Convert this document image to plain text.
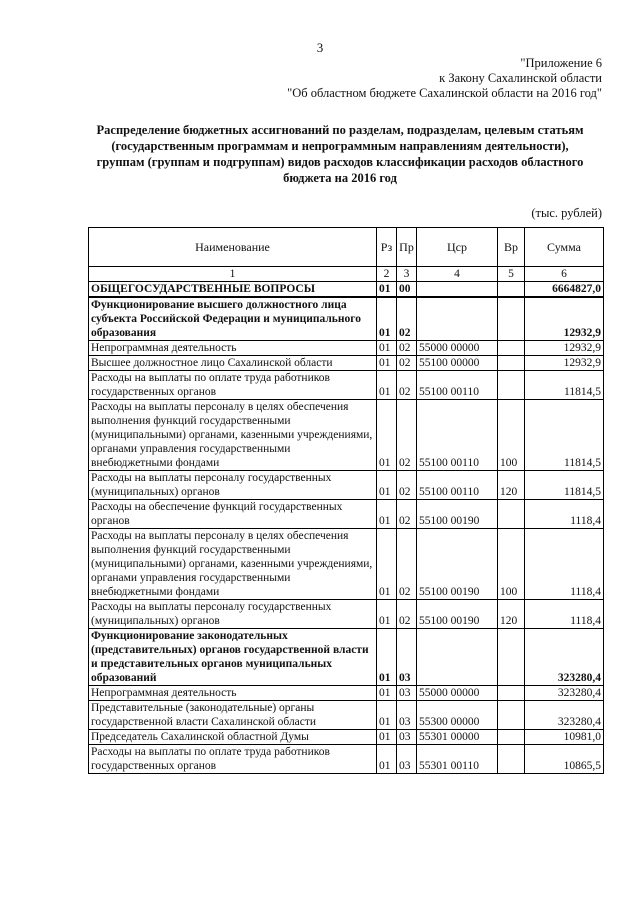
3
"Приложение 6
к Закону Сахалинской области
"Об областном бюджете Сахалинской области на 2016 год"
Распределение бюджетных ассигнований по разделам, подразделам, целевым статьям (государственным программам и непрограммным направлениям деятельности), группам (группам и подгруппам) видов расходов классификации расходов областного бюджета на 2016 год
(тыс. рублей)
Наименование	Рз	Пр	Цср	Вр	Сумма
1	2	3	4	5	6
ОБЩЕГОСУДАРСТВЕННЫЕ ВОПРОСЫ	01	00			6664827,0
Функционирование высшего должностного лица субъекта Российской Федерации и муниципального образования	01	02			12932,9
Непрограммная деятельность	01	02	55000 00000		12932,9
Высшее должностное лицо Сахалинской области	01	02	55100 00000		12932,9
Расходы на выплаты по оплате труда работников государственных органов	01	02	55100 00110		11814,5
Расходы на выплаты персоналу в целях обеспечения выполнения функций государственными (муниципальными) органами, казенными учреждениями, органами управления государственными внебюджетными фондами	01	02	55100 00110	100	11814,5
Расходы на выплаты персоналу государственных (муниципальных) органов	01	02	55100 00110	120	11814,5
Расходы на обеспечение функций государственных органов	01	02	55100 00190		1118,4
Расходы на выплаты персоналу в целях обеспечения выполнения функций государственными (муниципальными) органами, казенными учреждениями, органами управления государственными внебюджетными фондами	01	02	55100 00190	100	1118,4
Расходы на выплаты персоналу государственных (муниципальных) органов	01	02	55100 00190	120	1118,4
Функционирование законодательных (представительных) органов государственной власти и представительных органов муниципальных образований	01	03			323280,4
Непрограммная деятельность	01	03	55000 00000		323280,4
Представительные (законодательные) органы государственной власти Сахалинской области	01	03	55300 00000		323280,4
Председатель Сахалинской областной Думы	01	03	55301 00000		10981,0
Расходы на выплаты по оплате труда работников государственных органов	01	03	55301 00110		10865,5
